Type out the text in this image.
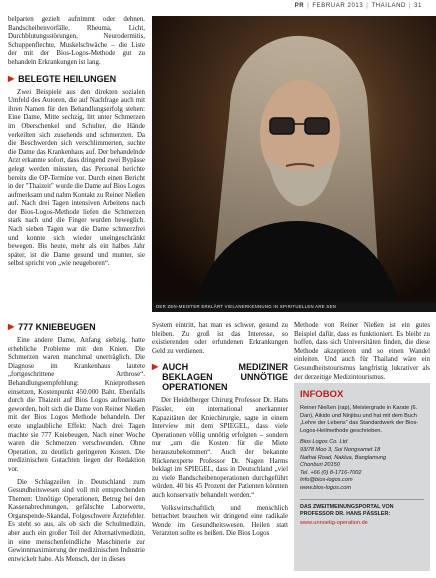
PR | FEBRUAR 2013 | THAILAND | 31

belparten gezielt aufnimmt oder dehnen. Bandscheibenvorfälle, Rheuma, Licht, Durchblutungsstörungen, Neurodermitis, Schuppenflechte, Muskelschwäche – die Liste der mit der Bios-Logos-Methode gut zu behandeln Erkrankungen ist lang.

▶ BELEGTE HEILUNGEN

Zwei Beispiele aus den direkten sozialen Umfeld des Autoren, die auf Nachfrage auch mit ihren Namen für den Behandlungserfolg stehen: Eine Dame, Mitte sechzig, litt unter Schmerzen im Oberschenkel und Schulter, die Hände verkeilten sich zusehends und schmerzten. Da die Beschwerden sich verschlimmerten, suchte die Dame das Krankenhaus auf. Der behandelnde Arzt erkannte sofort, dass dringend zwei Bypässe gelegt werden müssten, das Personal berichte bereits die OP-Termine vor. Durch einen Bericht in der "Thaizeit" wurde die Dame auf Bios Logos aufmerksam und nahm Kontakt zu Reiner Nießen auf. Nach drei Tagen intensiven Arbeitens nach der Bios-Logos-Methode liefen die Schmerzen stark nach und die Finger wurden beweglich. Nach sieben Tagen war die Dame schmerzfrei und konnte sich wieder uneingeschränkt bewegen. Bis heute, mehr als ein halbes Jahr später, ist die Dame gesund und munter, sie selbst spricht von „wie neugeboren“.

▶ 777 KNIEBEUGEN

Eine andere Dame, Anfang siebzig, hatte erhebliche Probleme mit den Knien. Die Schmerzen waren manchmal unerträglich. Die Diagnose im Krankenhaus lautete „fortgeschrittene Arthrose“. Behandlungsempfehlung: Knieprothesen einsetzen, Kostenpunkt 450.000 Baht. Ebenfalls durch die Thaizeit auf Bios Logos aufmerksam geworden, holt sich die Dame von Reiner Nießen mit der Bios Logos Methode behandeln. Der erste unglaubliche Effekt: Nach drei Tagen machte sie 777 Kniebeugen. Nach einer Woche waren die Schmerzen verschwunden. Ohne Operation, zu deutlich geringeren Kosten. Die medizinischen Gutachten liegen der Redaktion vor.

Die Schlagzeilen in Deutschland zum Gesundheitswesen sind voll mit entsprechenden Themen: Unnötige Operationen, Betrug bei den Kassenabrechnungen, gefälschte Laborwerte, Organspende-Skandal, Folgeschwere Ärztefehler. Es steht so aus, als ob sich die Schulmedizin, aber auch ein großer Teil der Alternativmedizin, in eine menschenfeindliche Maschinerie zur Gewinnmaximierung der medizinischen Industrie entwickelt habe. Als Mensch, der in dieses

DER ZEN-MEISTER ERKLÄRT VIELANERKENNUNG IN SPIRITUELLEN ARE SEN

System eintritt, hat man es schwer, gesund zu bleiben. Zu groß ist das Interesse, so existierenden oder erfundenen Erkrankungen Geld zu verdienen.

▶ AUCH MEDIZINER BEKLAGEN UNNÖTIGE OPERATIONEN

Der Heidelberger Chirurg Professor Dr. Hans Pässler, ein international anerkannter Kapazitäten der Kniechirurgie, sagte in einem Interview mit dem SPIEGEL, dass viele Operationen völlig unnötig erfolgten – sondern nur „um die Kosten für die Miete herauszubekommen“. Auch der bekannte Rückenexperte Professor Dr. Nagen Harms beklagt im SPIEGEL, dass in Deutschland „viel zu viele Bandscheibenoperationen durchgeführt würden. 40 bis 45 Prozent der Patienten könnten auch konservativ behandelt werden.“

Volkswirtschaftlich und menschlich betrachtet brauchen wir dringend eine radikale Wende im Gesundheitswesen. Heilen statt Verarzten sollte es heißen. Die Bios Logos

Methode von Reiner Nießen ist ein gutes Beispiel dafür, dass es funktioniert. Es bleibt zu hoffen, dass sich Universitäten finden, die diese Methode akzeptieren und so einen Wandel einleiten. Und auch für Thailand wäre ein Gesundheitstourismus langfristig lukrativer als der derzeitige Medizintourismus.

INFOBOX

Reiner Nießen (rap), Meistergrade in Karate (6. Dan), Aikido und Ninjitsu und hat mit dem Buch „Lehre der Lebens“ das Standardwerk der Bios-Logos-Heilmethode geschrieben.

Bios Logos Co. Ltd
93/78 Moo 3, Soi Nongsamet 18
Nathai Road, Naklua, Banglamung
Chonburi 20150
Tel. +66 (0) 8-1716-7002
Info@bios-logos.com
www.bios-logos.com
DAS ZWEITMEINUNGSPORTAL VON PROFESSOR DR. HANS PÄSSLER:
www.unnoetig-operation.de
